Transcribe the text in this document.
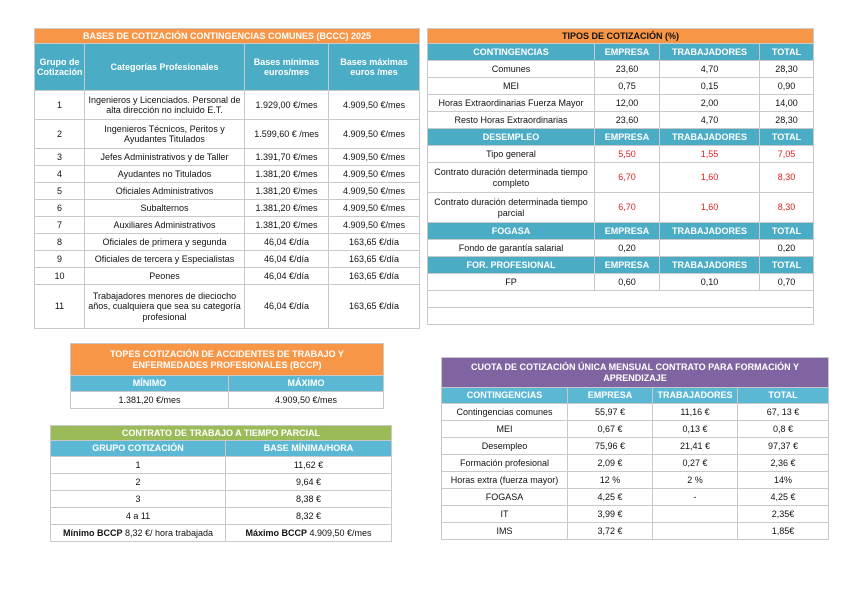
BASES DE COTIZACIÓN CONTINGENCIAS COMUNES (BCCC) 2025			
Grupo de Cotización	Categorías Profesionales	Bases mínimas euros/mes	Bases máximas euros /mes
1	Ingenieros y Licenciados. Personal de alta dirección no incluido E.T.	1.929,00 €/mes	4.909,50 €/mes
2	Ingenieros Técnicos, Peritos y Ayudantes Titulados	1.599,60 € /mes	4.909,50 €/mes
3	Jefes Administrativos y de Taller	1.391,70 €/mes	4.909,50 €/mes
4	Ayudantes no Titulados	1.381,20 €/mes	4.909,50 €/mes
5	Oficiales Administrativos	1.381,20 €/mes	4.909,50 €/mes
6	Subalternos	1.381,20 €/mes	4.909,50 €/mes
7	Auxiliares Administrativos	1.381,20 €/mes	4.909,50 €/mes
8	Oficiales de primera y segunda	46,04 €/día	163,65 €/día
9	Oficiales de tercera y Especialistas	46,04 €/día	163,65 €/día
10	Peones	46,04 €/día	163,65 €/día
11	Trabajadores menores de dieciocho años, cualquiera que sea su categoría profesional	46,04 €/día	163,65 €/día
TIPOS DE COTIZACIÓN (%)			
CONTINGENCIAS	EMPRESA	TRABAJADORES	TOTAL
Comunes	23,60	4,70	28,30
MEI	0,75	0,15	0,90
Horas Extraordinarias Fuerza Mayor	12,00	2,00	14,00
Resto Horas Extraordinarias	23,60	4,70	28,30
DESEMPLEO	EMPRESA	TRABAJADORES	TOTAL
Tipo general	5,50	1,55	7,05
Contrato duración determinada tiempo completo	6,70	1,60	8,30
Contrato duración determinada tiempo parcial	6,70	1,60	8,30
FOGASA	EMPRESA	TRABAJADORES	TOTAL
Fondo de garantía salarial	0,20		0,20
FOR. PROFESIONAL	EMPRESA	TRABAJADORES	TOTAL
FP	0,60	0,10	0,70

TOPES COTIZACIÓN DE ACCIDENTES DE TRABAJO Y ENFERMEDADES PROFESIONALES (BCCP)	
MÍNIMO	MÁXIMO
1.381,20 €/mes	4.909,50 €/mes
CONTRATO DE TRABAJO A TIEMPO PARCIAL	
GRUPO COTIZACIÓN	BASE MÍNIMA/HORA
1	11,62 €
2	9,64 €
3	8,38 €
4 a 11	8,32 €
Mínimo BCCP 8,32 €/ hora trabajada	Máximo BCCP 4.909,50 €/mes
CUOTA DE COTIZACIÓN ÚNICA MENSUAL CONTRATO PARA FORMACIÓN Y APRENDIZAJE			
CONTINGENCIAS	EMPRESA	TRABAJADORES	TOTAL
Contingencias comunes	55,97 €	11,16 €	67, 13 €
MEI	0,67 €	0,13 €	0,8 €
Desempleo	75,96 €	21,41 €	97,37 €
Formación profesional	2,09 €	0,27 €	2,36 €
Horas extra (fuerza mayor)	12 %	2 %	14%
FOGASA	4,25 €	-	4,25 €
IT	3,99 €		2,35€
IMS	3,72 €		1,85€
